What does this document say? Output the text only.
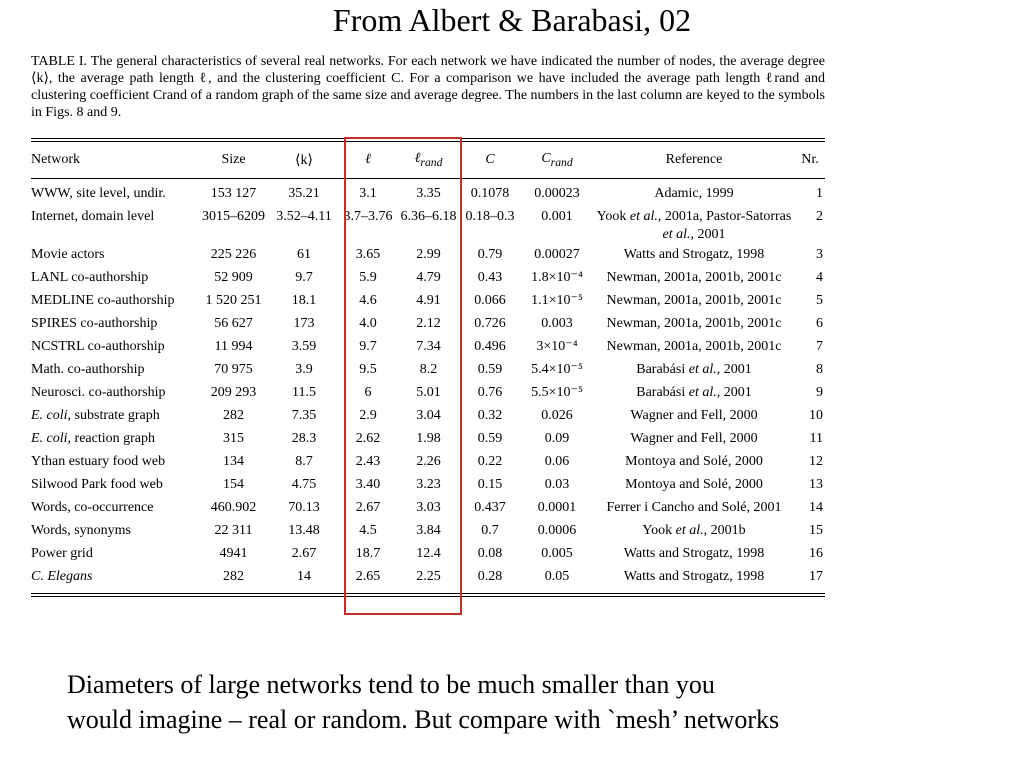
From Albert & Barabasi, 02
TABLE I. The general characteristics of several real networks. For each network we have indicated the number of nodes, the average degree ⟨k⟩, the average path length ℓ, and the clustering coefficient C. For a comparison we have included the average path length ℓrand and clustering coefficient Crand of a random graph of the same size and average degree. The numbers in the last column are keyed to the symbols in Figs. 8 and 9.
Network	Size	⟨k⟩	ℓ	ℓ$_{rand}$	C	$C_{rand}$	Reference	Nr.

WWW, site level, undir.	153 127	35.21	3.1	3.35	0.1078	0.00023	Adamic, 1999	1
Internet, domain level	3015–6209	3.52–4.11	3.7–3.76	6.36–6.18	0.18–0.3	0.001	Yook et al., 2001a, Pastor-Satorras et al., 2001	2
Movie actors	225 226	61	3.65	2.99	0.79	0.00027	Watts and Strogatz, 1998	3
LANL co-authorship	52 909	9.7	5.9	4.79	0.43	1.8×10⁻⁴	Newman, 2001a, 2001b, 2001c	4
MEDLINE co-authorship	1 520 251	18.1	4.6	4.91	0.066	1.1×10⁻⁵	Newman, 2001a, 2001b, 2001c	5
SPIRES co-authorship	56 627	173	4.0	2.12	0.726	0.003	Newman, 2001a, 2001b, 2001c	6
NCSTRL co-authorship	11 994	3.59	9.7	7.34	0.496	3×10⁻⁴	Newman, 2001a, 2001b, 2001c	7
Math. co-authorship	70 975	3.9	9.5	8.2	0.59	5.4×10⁻⁵	Barabási et al., 2001	8
Neurosci. co-authorship	209 293	11.5	6	5.01	0.76	5.5×10⁻⁵	Barabási et al., 2001	9
E. coli, substrate graph	282	7.35	2.9	3.04	0.32	0.026	Wagner and Fell, 2000	10
E. coli, reaction graph	315	28.3	2.62	1.98	0.59	0.09	Wagner and Fell, 2000	11
Ythan estuary food web	134	8.7	2.43	2.26	0.22	0.06	Montoya and Solé, 2000	12
Silwood Park food web	154	4.75	3.40	3.23	0.15	0.03	Montoya and Solé, 2000	13
Words, co-occurrence	460.902	70.13	2.67	3.03	0.437	0.0001	Ferrer i Cancho and Solé, 2001	14
Words, synonyms	22 311	13.48	4.5	3.84	0.7	0.0006	Yook et al., 2001b	15
Power grid	4941	2.67	18.7	12.4	0.08	0.005	Watts and Strogatz, 1998	16
C. Elegans	282	14	2.65	2.25	0.28	0.05	Watts and Strogatz, 1998	17
Diameters of large networks tend to be much smaller than you
would imagine – real or random. But compare with `mesh’ networks
